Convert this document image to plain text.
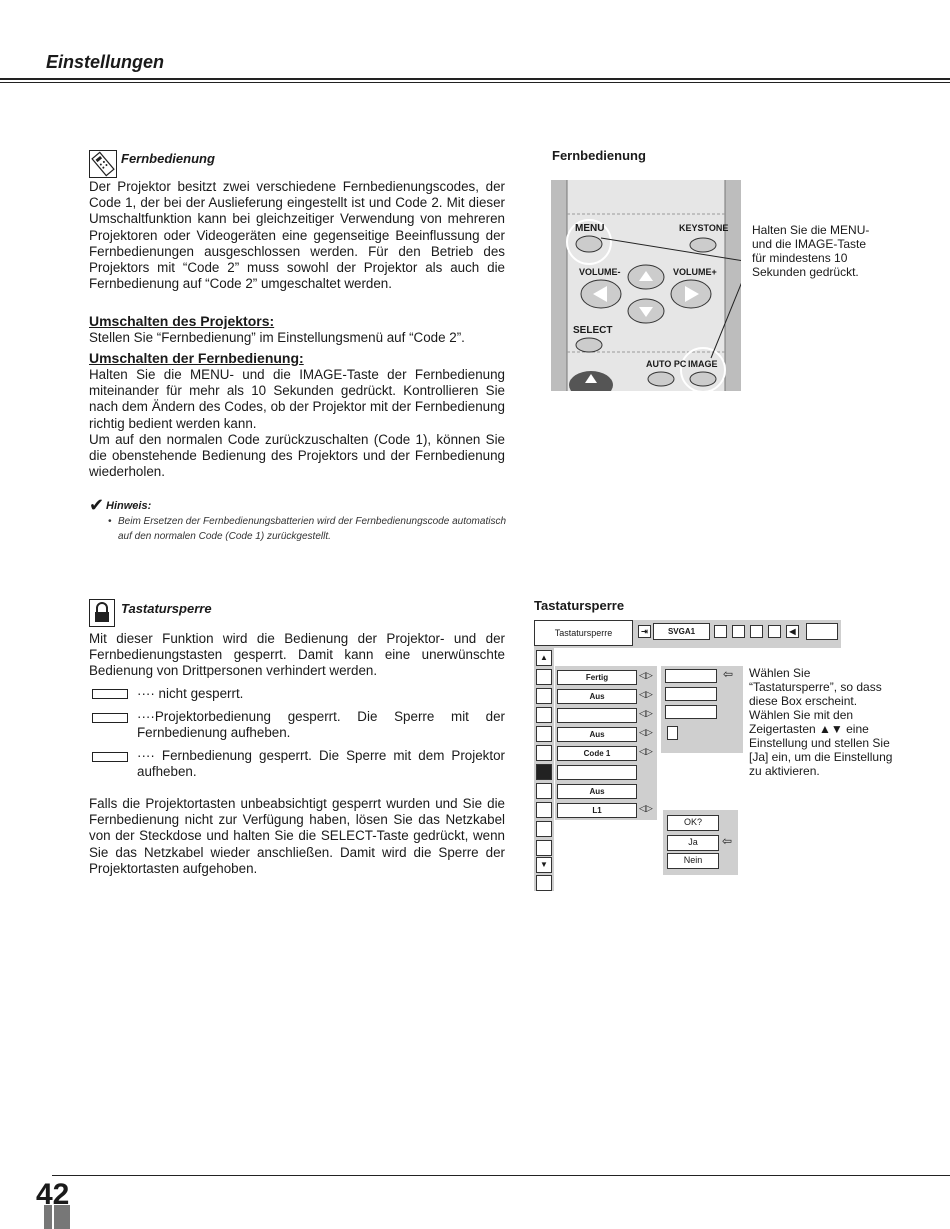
Einstellungen
Fernbedienung
Der Projektor besitzt zwei verschiedene Fernbedienungscodes, der Code 1, der bei der Auslieferung eingestellt ist und Code 2. Mit dieser Umschaltfunktion kann bei gleichzeitiger Verwendung von mehreren Projektoren oder Videogeräten eine gegenseitige Beeinflussung der Fernbedienungen ausgeschlossen werden. Für den Betrieb des Projektors mit “Code 2” muss sowohl der Projektor als auch die Fernbedienung auf “Code 2” umgeschaltet werden.
Umschalten des Projektors:
Stellen Sie “Fernbedienung” im Einstellungsmenü auf “Code 2”.
Umschalten der Fernbedienung:
Halten Sie die MENU- und die IMAGE-Taste der Fernbedienung miteinander für mehr als 10 Sekunden gedrückt. Kontrollieren Sie nach dem Ändern des Codes, ob der Projektor mit der Fernbedienung richtig bedient werden kann.
Um auf den normalen Code zurückzuschalten (Code 1), können Sie die obenstehende Bedienung des Projektors und der Fernbedienung wiederholen.
✔ Hinweis:
• Beim Ersetzen der Fernbedienungsbatterien wird der Fernbedienungscode automatisch auf den normalen Code (Code 1) zurückgestellt.
Fernbedienung
MENU	KEYSTONE
VOLUME-	VOLUME+
SELECT
AUTO PC IMAGE
Halten Sie die MENU- und die IMAGE-Taste für mindestens 10 Sekunden gedrückt.
Tastatursperre
Mit dieser Funktion wird die Bedienung der Projektor- und der Fernbedienungstasten gesperrt. Damit kann eine unerwünschte Bedienung von Drittpersonen verhindert werden.
···· nicht gesperrt.
····Projektorbedienung gesperrt. Die Sperre mit der Fernbedienung aufheben.
···· Fernbedienung gesperrt. Die Sperre mit dem Projektor aufheben.
Falls die Projektortasten unbeabsichtigt gesperrt wurden und Sie die Fernbedienung nicht zur Verfügung haben, lösen Sie das Netzkabel von der Steckdose und halten Sie die SELECT-Taste gedrückt, wenn Sie das Netzkabel wieder anschließen. Damit wird die Sperre der Projektortasten aufgehoben.
Tastatursperre
Tastatursperre	⇥	SVGA1	◀
▲
▼
Fertig
Aus
Aus
Code 1
Aus
L1
◁▷
◁▷
◁▷
◁▷
◁▷
◁▷
⇦
OK?
Ja
Nein
⇦
Wählen Sie “Tastatursperre”, so dass diese Box erscheint. Wählen Sie mit den Zeigertasten ▲▼ eine Einstellung und stellen Sie [Ja] ein, um die Einstellung zu aktivieren.
42
